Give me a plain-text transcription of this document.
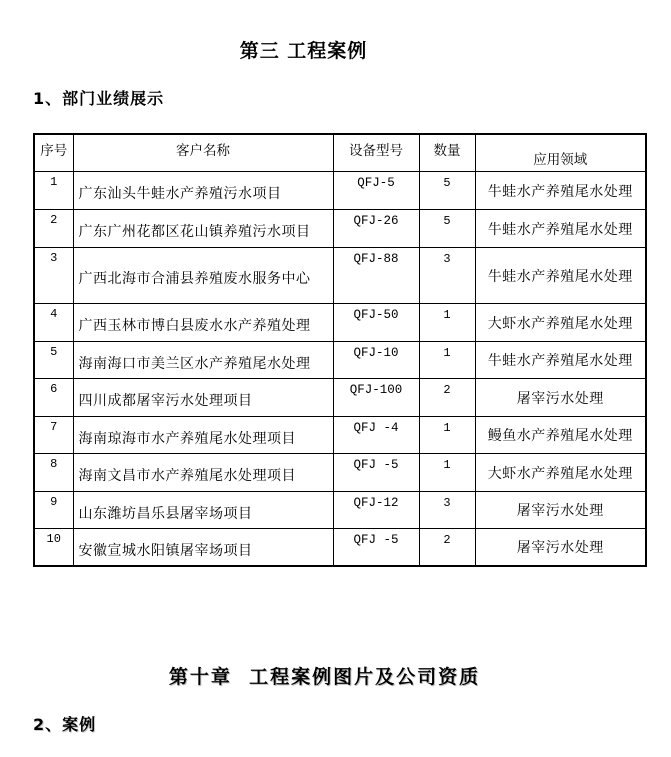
第三 工程案例
1、部门业绩展示
序号	客户名称	设备型号	数量	应用领域
1	广东汕头牛蛙水产养殖污水项目	QFJ-5	5	牛蛙水产养殖尾水处理
2	广东广州花都区花山镇养殖污水项目	QFJ-26	5	牛蛙水产养殖尾水处理
3	广西北海市合浦县养殖废水服务中心	QFJ-88	3	牛蛙水产养殖尾水处理
4	广西玉林市博白县废水水产养殖处理	QFJ-50	1	大虾水产养殖尾水处理
5	海南海口市美兰区水产养殖尾水处理	QFJ-10	1	牛蛙水产养殖尾水处理
6	四川成都屠宰污水处理项目	QFJ-100	2	屠宰污水处理
7	海南琼海市水产养殖尾水处理项目	QFJ -4	1	鳗鱼水产养殖尾水处理
8	海南文昌市水产养殖尾水处理项目	QFJ -5	1	大虾水产养殖尾水处理
9	山东潍坊昌乐县屠宰场项目	QFJ-12	3	屠宰污水处理
10	安徽宣城水阳镇屠宰场项目	QFJ -5	2	屠宰污水处理
第十章  工程案例图片及公司资质
2、案例
